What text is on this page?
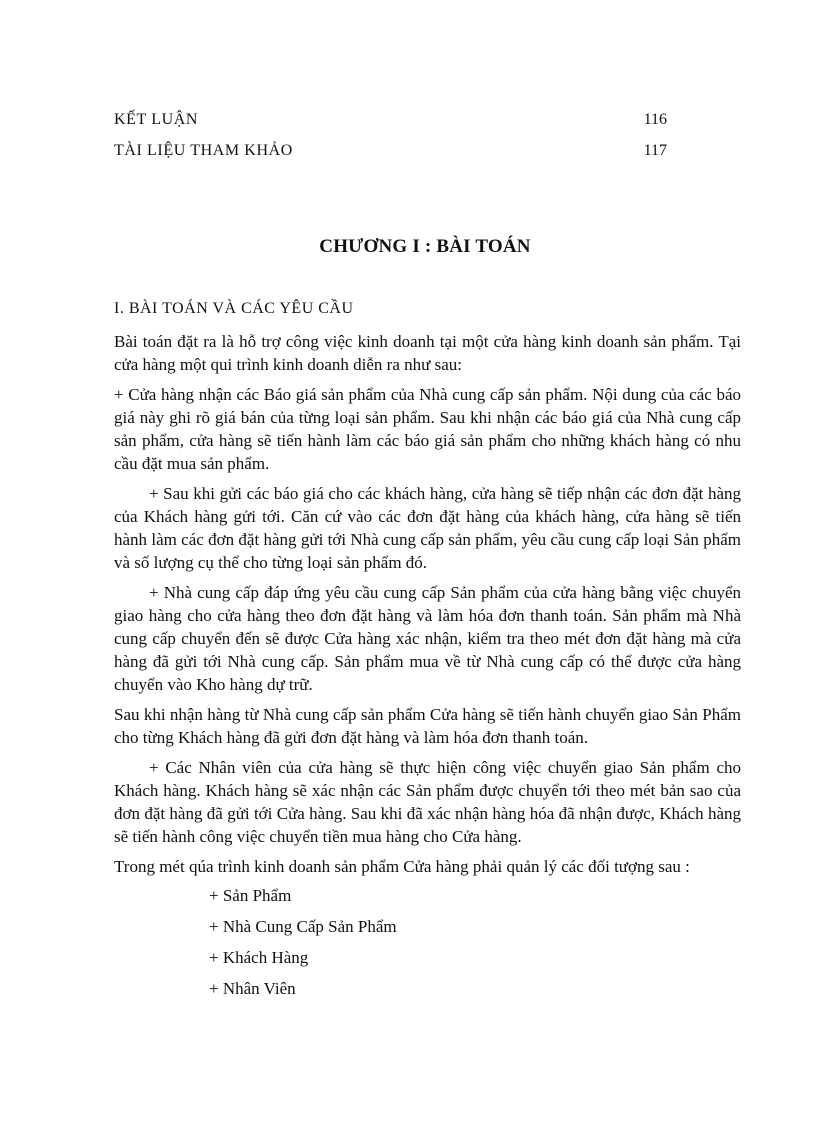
KẾT LUẬN	116
TÀI LIỆU THAM KHẢO	117
CHƯƠNG I : BÀI TOÁN
I. BÀI TOÁN VÀ CÁC YÊU CẦU

Bài toán đặt ra là hỗ trợ công việc kinh doanh tại một cửa hàng kinh doanh sản phẩm. Tại cửa hàng một qui trình kinh doanh diễn ra như sau:

+ Cửa hàng nhận các Báo giá sản phẩm của Nhà cung cấp sản phẩm. Nội dung của các báo giá này ghi rõ giá bán của từng loại sản phẩm. Sau khi nhận các báo giá của Nhà cung cấp sản phẩm, cửa hàng sẽ tiến hành làm các báo giá sản phẩm cho những khách hàng có nhu cầu đặt mua sản phẩm.

+ Sau khi gửi các báo giá cho các khách hàng, cửa hàng sẽ tiếp nhận các đơn đặt hàng của Khách hàng gửi tới. Căn cứ vào các đơn đặt hàng của khách hàng, cửa hàng sẽ tiến hành làm các đơn đặt hàng gửi tới Nhà cung cấp sản phẩm, yêu cầu cung cấp loại Sản phẩm và số lượng cụ thể cho từng loại sản phẩm đó.

+ Nhà cung cấp đáp ứng yêu cầu cung cấp Sản phẩm của cửa hàng bằng việc chuyển giao hàng cho cửa hàng theo đơn đặt hàng và làm hóa đơn thanh toán. Sản phẩm mà Nhà cung cấp chuyển đến sẽ được Cửa hàng xác nhận, kiểm tra theo mét đơn đặt hàng mà cửa hàng đã gửi tới Nhà cung cấp. Sản phẩm mua về từ Nhà cung cấp có thể được cửa hàng chuyển vào Kho hàng dự trữ.

Sau khi nhận hàng từ Nhà cung cấp sản phẩm Cửa hàng sẽ tiến hành chuyển giao Sản Phẩm cho từng Khách hàng đã gửi đơn đặt hàng và làm hóa đơn thanh toán.

+ Các Nhân viên của cửa hàng sẽ thực hiện công việc chuyển giao Sản phẩm cho Khách hàng. Khách hàng sẽ xác nhận các Sản phẩm được chuyển tới theo mét bản sao của đơn đặt hàng đã gửi tới Cửa hàng. Sau khi đã xác nhận hàng hóa đã nhận được, Khách hàng sẽ tiến hành công việc chuyển tiền mua hàng cho Cửa hàng.

Trong mét qúa trình kinh doanh sản phẩm Cửa hàng phải quản lý các đối tượng sau :

+ Sản Phẩm
+ Nhà Cung Cấp Sản Phẩm
+ Khách Hàng
+ Nhân Viên
